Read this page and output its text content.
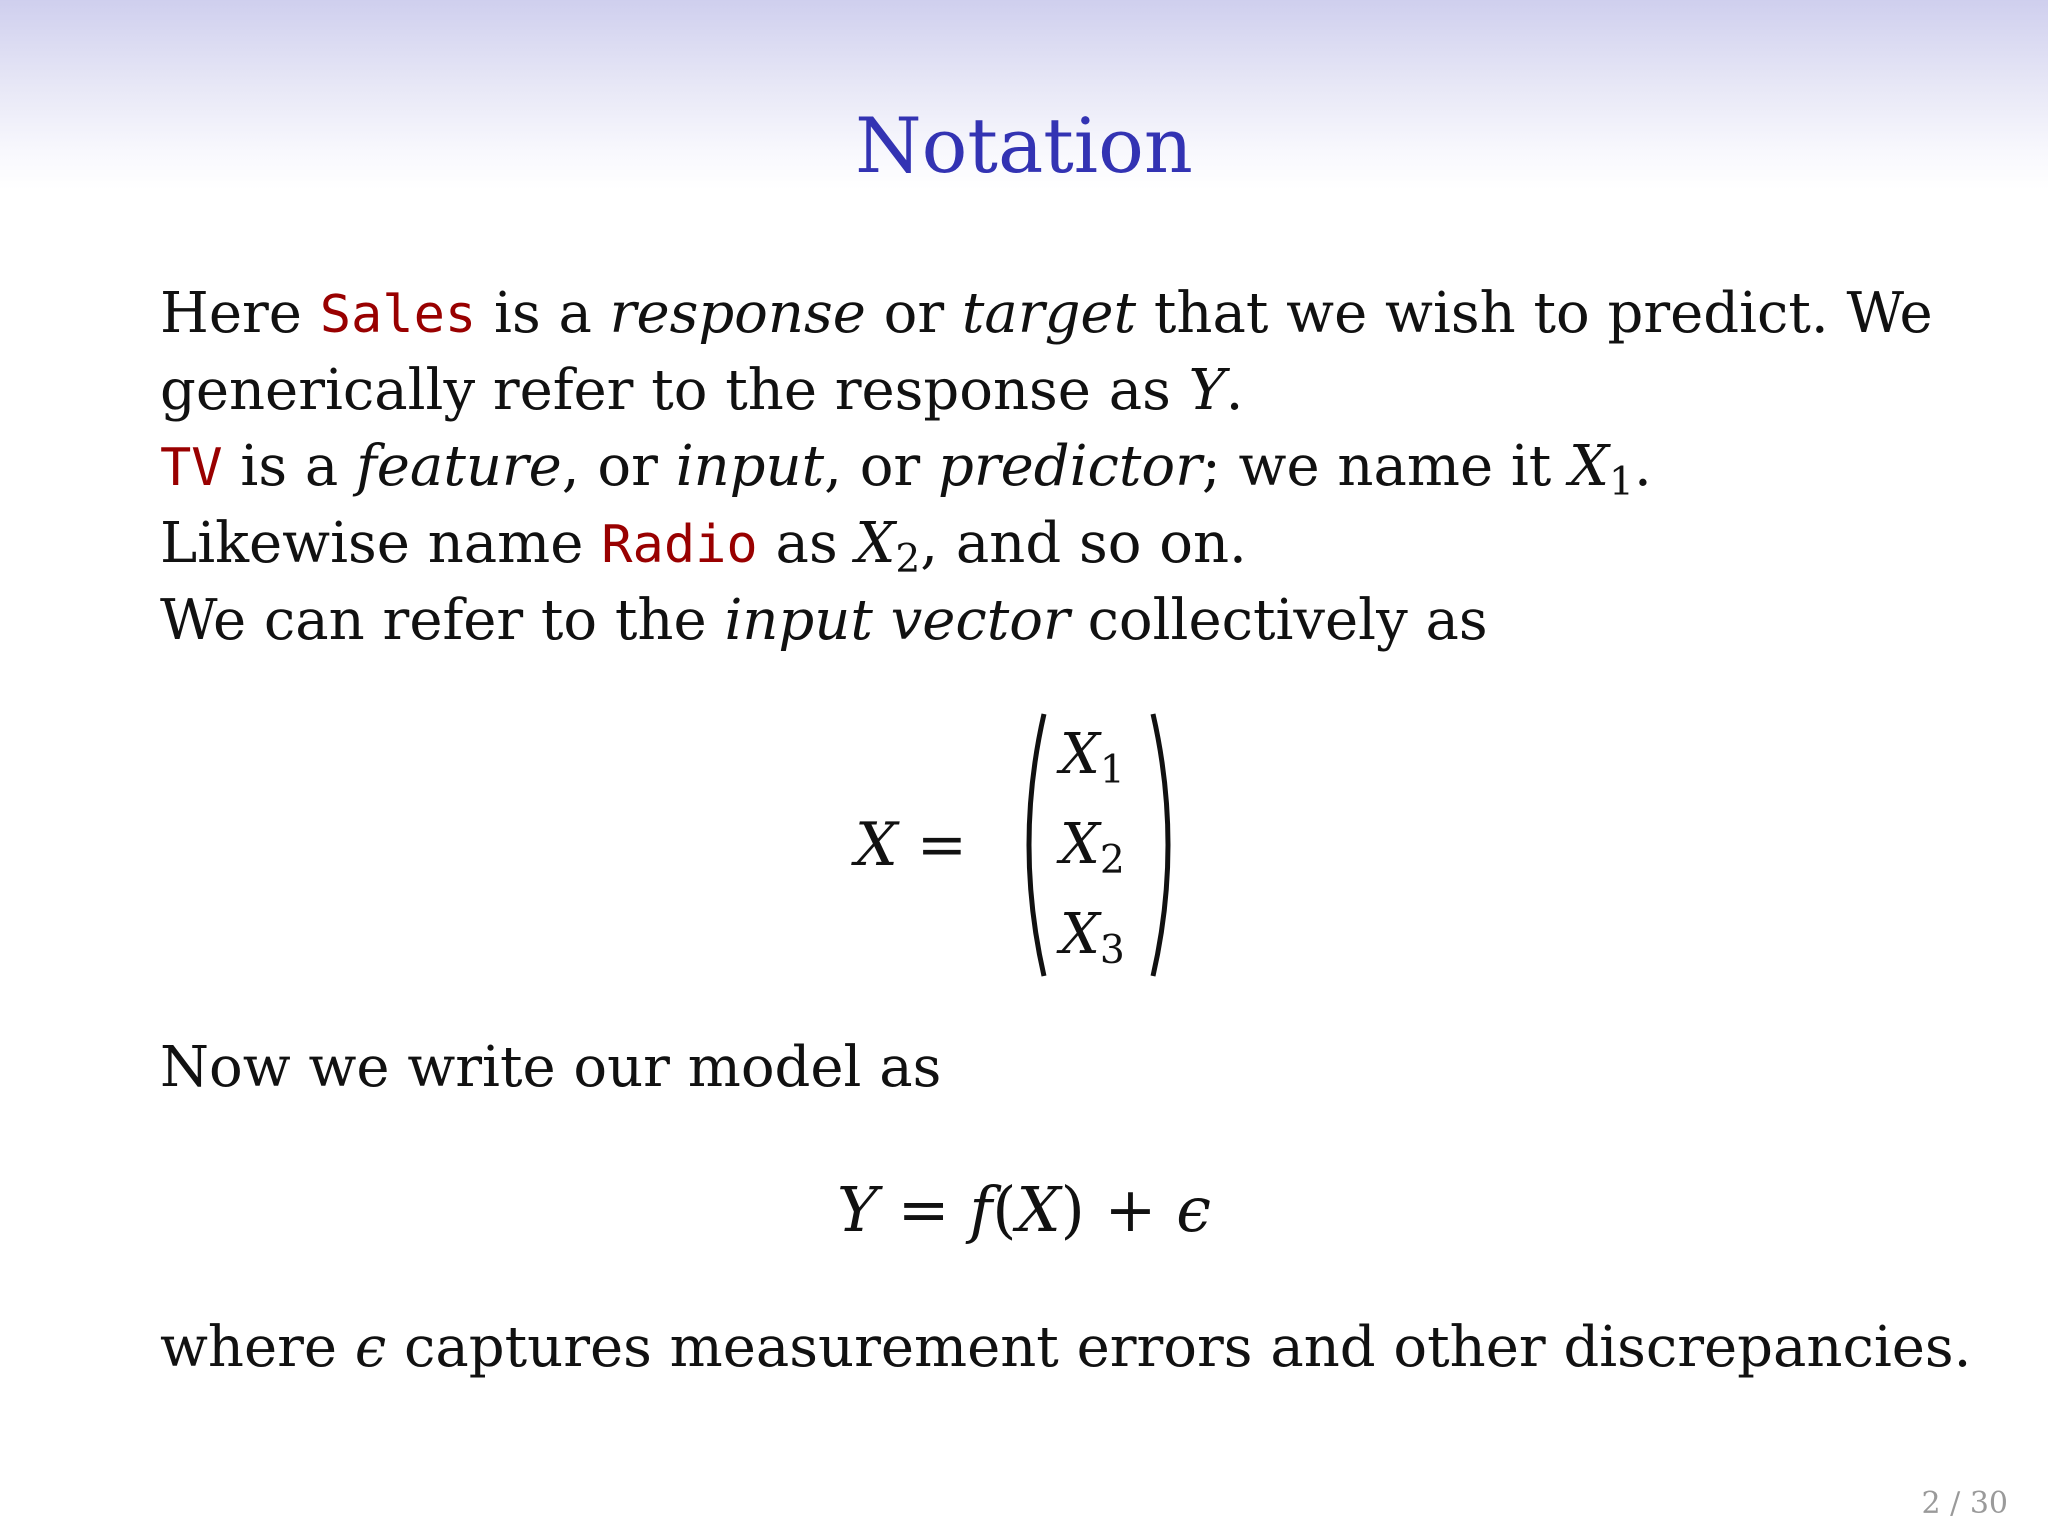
Notation
Here Sales is a response or target that we wish to predict. We
generically refer to the response as Y.
TV is a feature, or input, or predictor; we name it $X_1$.
Likewise name Radio as $X_2$, and so on.
We can refer to the input vector collectively as
X =
$X_1$
$X_2$
$X_3$
Now we write our model as
Y = f(X) + ϵ
where ϵ captures measurement errors and other discrepancies.
2 / 30
